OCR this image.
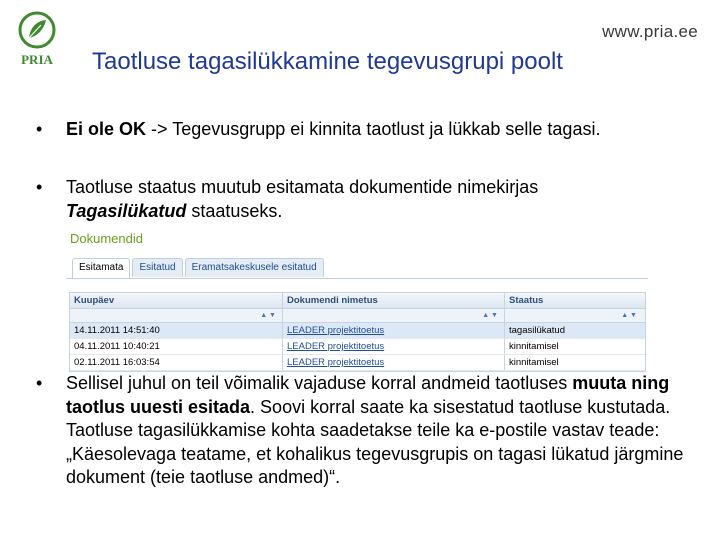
PRIA
www.pria.ee
Taotluse tagasilükkamine tegevusgrupi poolt
• Ei ole OK -> Tegevusgrupp ei kinnita taotlust ja lükkab selle tagasi.
• Taotluse staatus muutub esitamata dokumentide nimekirjas
Tagasilükatud staatuseks.
Dokumendid
Esitamata	Esitatud	Eramatsakeskusele esitatud
Kuupäev	Dokumendi nimetus	Staatus
▲ ▼	▲ ▼	▲ ▼
14.11.2011 14:51:40	LEADER projektitoetus	tagasilükatud
04.11.2011 10:40:21	LEADER projektitoetus	kinnitamisel
02.11.2011 16:03:54	LEADER projektitoetus	kinnitamisel
• Sellisel juhul on teil võimalik vajaduse korral andmeid taotluses muuta ning taotlus uuesti esitada. Soovi korral saate ka sisestatud taotluse kustutada. Taotluse tagasilükkamise kohta saadetakse teile ka e-postile vastav teade: „Käesolevaga teatame, et kohalikus tegevusgrupis on tagasi lükatud järgmine dokument (teie taotluse andmed)“.
